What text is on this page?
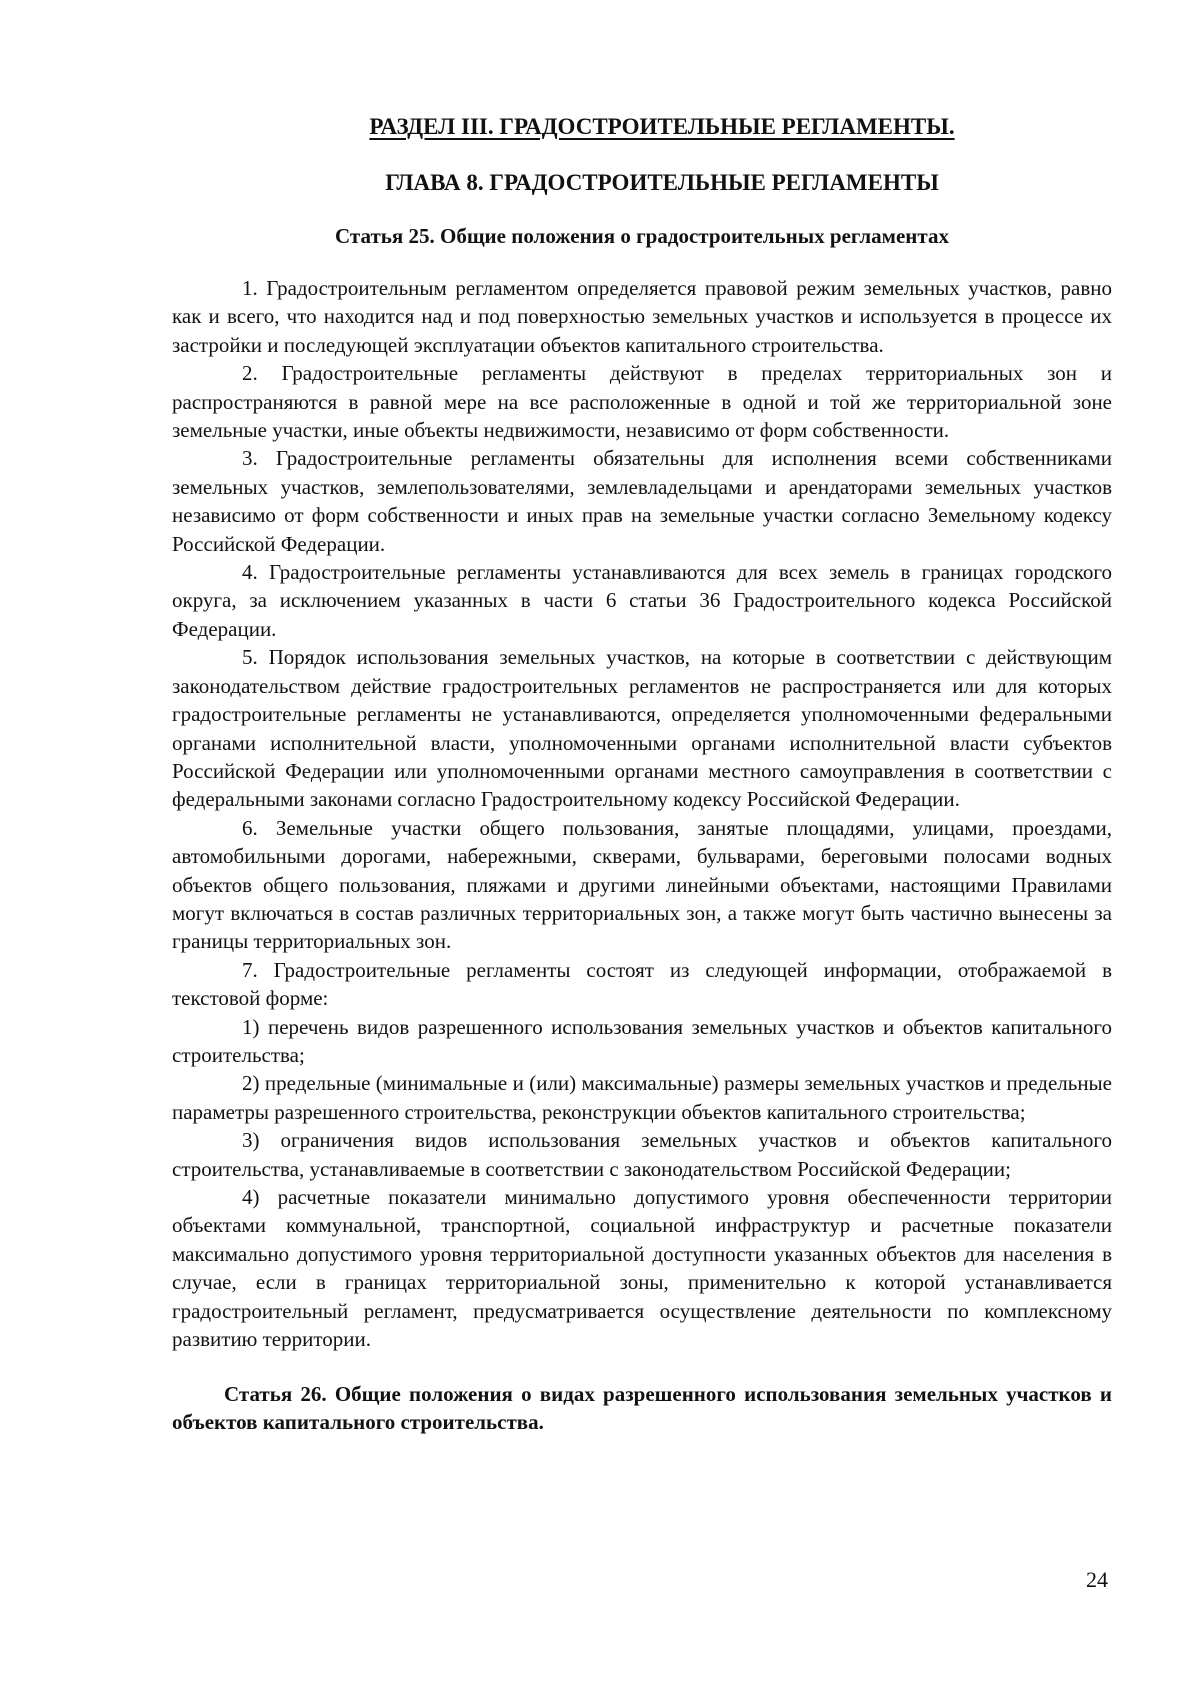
РАЗДЕЛ III. ГРАДОСТРОИТЕЛЬНЫЕ РЕГЛАМЕНТЫ.
ГЛАВА 8. ГРАДОСТРОИТЕЛЬНЫЕ РЕГЛАМЕНТЫ
Статья 25. Общие положения о градостроительных регламентах

1. Градостроительным регламентом определяется правовой режим земельных участков, равно как и всего, что находится над и под поверхностью земельных участков и используется в процессе их застройки и последующей эксплуатации объектов капитального строительства.

2. Градостроительные регламенты действуют в пределах территориальных зон и распространяются в равной мере на все расположенные в одной и той же территориальной зоне земельные участки, иные объекты недвижимости, независимо от форм собственности.

3. Градостроительные регламенты обязательны для исполнения всеми собственниками земельных участков, землепользователями, землевладельцами и арендаторами земельных участков независимо от форм собственности и иных прав на земельные участки согласно Земельному кодексу Российской Федерации.

4. Градостроительные регламенты устанавливаются для всех земель в границах городского округа, за исключением указанных в части 6 статьи 36 Градостроительного кодекса Российской Федерации.

5. Порядок использования земельных участков, на которые в соответствии с действующим законодательством действие градостроительных регламентов не распространяется или для которых градостроительные регламенты не устанавливаются, определяется уполномоченными федеральными органами исполнительной власти, уполномоченными органами исполнительной власти субъектов Российской Федерации или уполномоченными органами местного самоуправления в соответствии с федеральными законами согласно Градостроительному кодексу Российской Федерации.

6. Земельные участки общего пользования, занятые площадями, улицами, проездами, автомобильными дорогами, набережными, скверами, бульварами, береговыми полосами водных объектов общего пользования, пляжами и другими линейными объектами, настоящими Правилами могут включаться в состав различных территориальных зон, а также могут быть частично вынесены за границы территориальных зон.

7. Градостроительные регламенты состоят из следующей информации, отображаемой в текстовой форме:

1) перечень видов разрешенного использования земельных участков и объектов капитального строительства;

2) предельные (минимальные и (или) максимальные) размеры земельных участков и предельные параметры разрешенного строительства, реконструкции объектов капитального строительства;

3) ограничения видов использования земельных участков и объектов капитального строительства, устанавливаемые в соответствии с законодательством Российской Федерации;

4) расчетные показатели минимально допустимого уровня обеспеченности территории объектами коммунальной, транспортной, социальной инфраструктур и расчетные показатели максимально допустимого уровня территориальной доступности указанных объектов для населения в случае, если в границах территориальной зоны, применительно к которой устанавливается градостроительный регламент, предусматривается осуществление деятельности по комплексному развитию территории.

Статья 26. Общие положения о видах разрешенного использования земельных участков и объектов капитального строительства.
24
